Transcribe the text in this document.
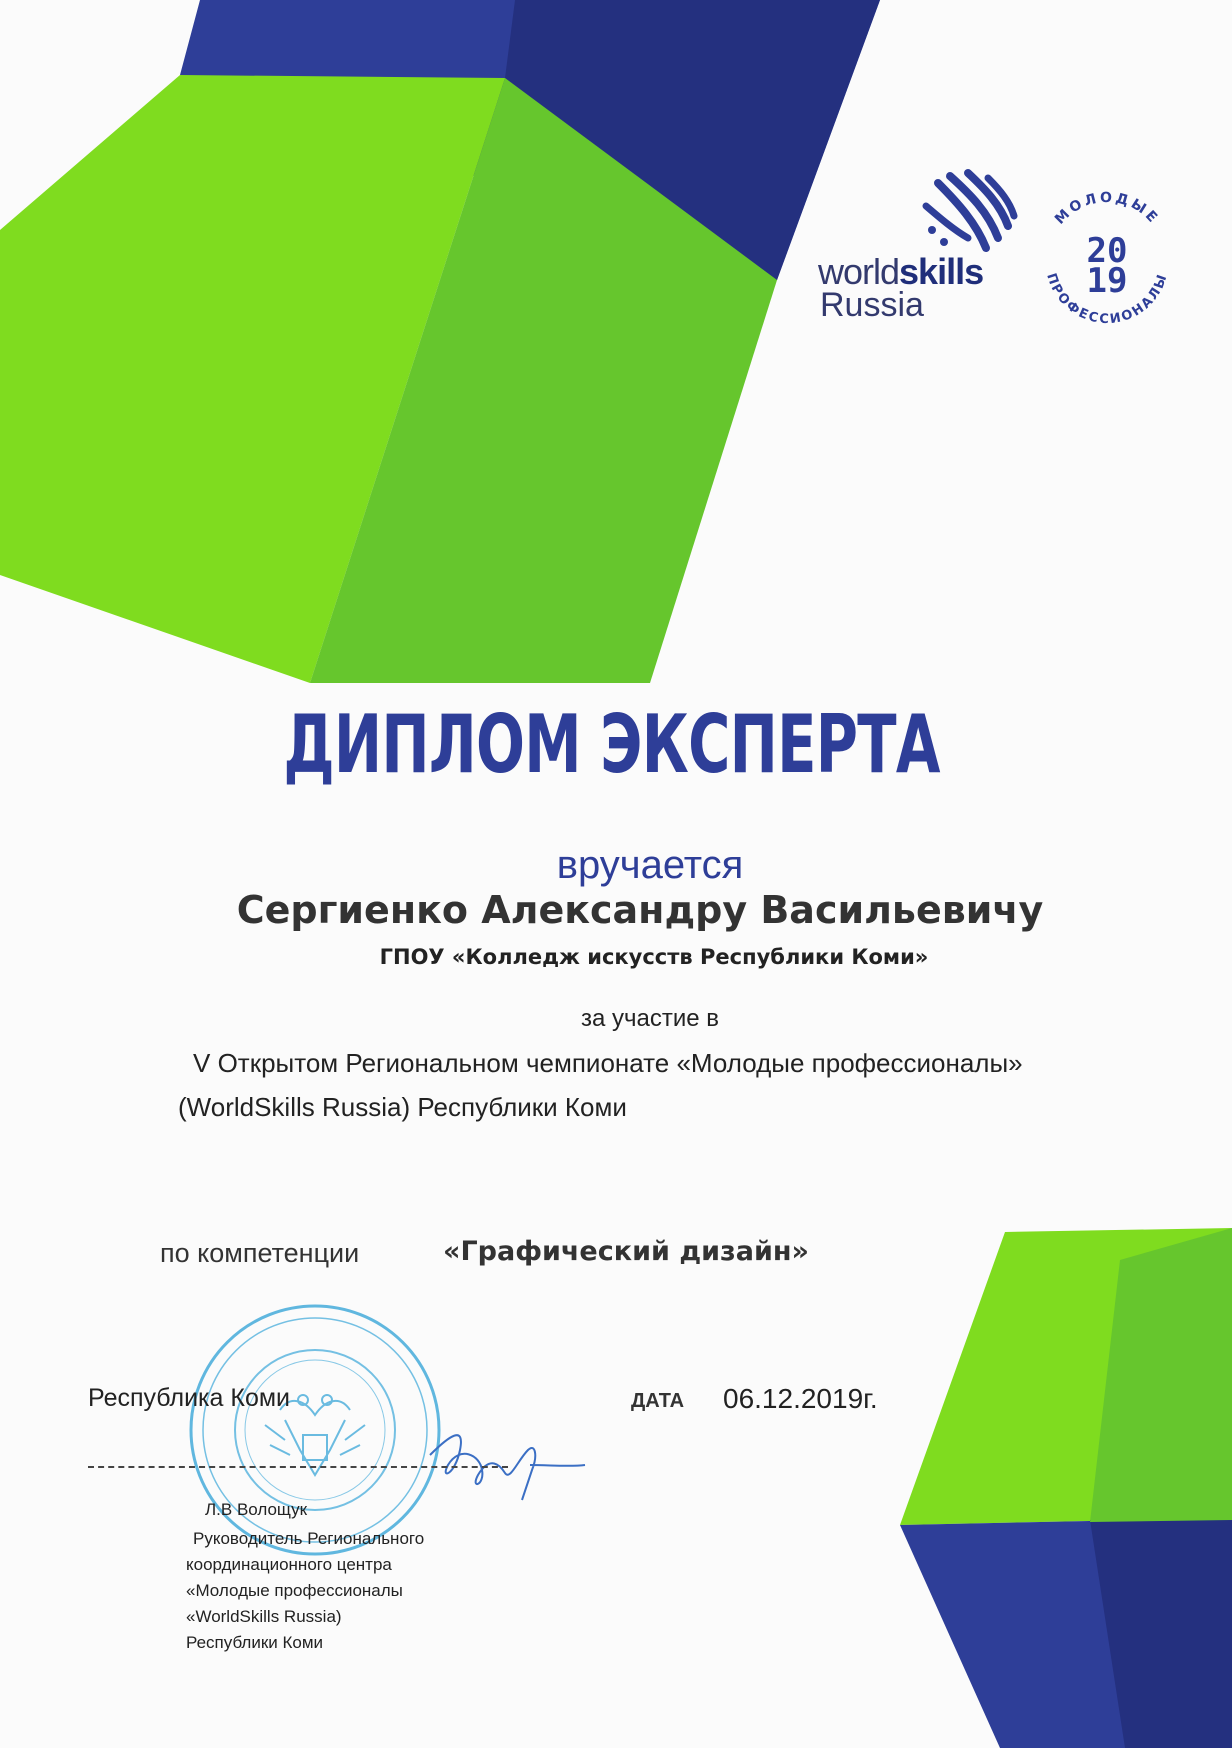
worldskills
Russia
МОЛОДЫЕ
ПРОФЕССИОНАЛЫ
20
19
ДИПЛОМ ЭКСПЕРТА
вручается
Сергиенко Александру Васильевичу
ГПОУ «Колледж искусств Республики Коми»
за участие в
V Открытом Региональном чемпионате «Молодые профессионалы»
(WorldSkills Russia) Республики Коми
по компетенции	«Графический дизайн»
Республика Коми	ДАТА 06.12.2019г.
Л.В Волощук
Руководитель Регионального
координационного центра
«Молодые профессионалы
«WorldSkills Russia)
Республики Коми
